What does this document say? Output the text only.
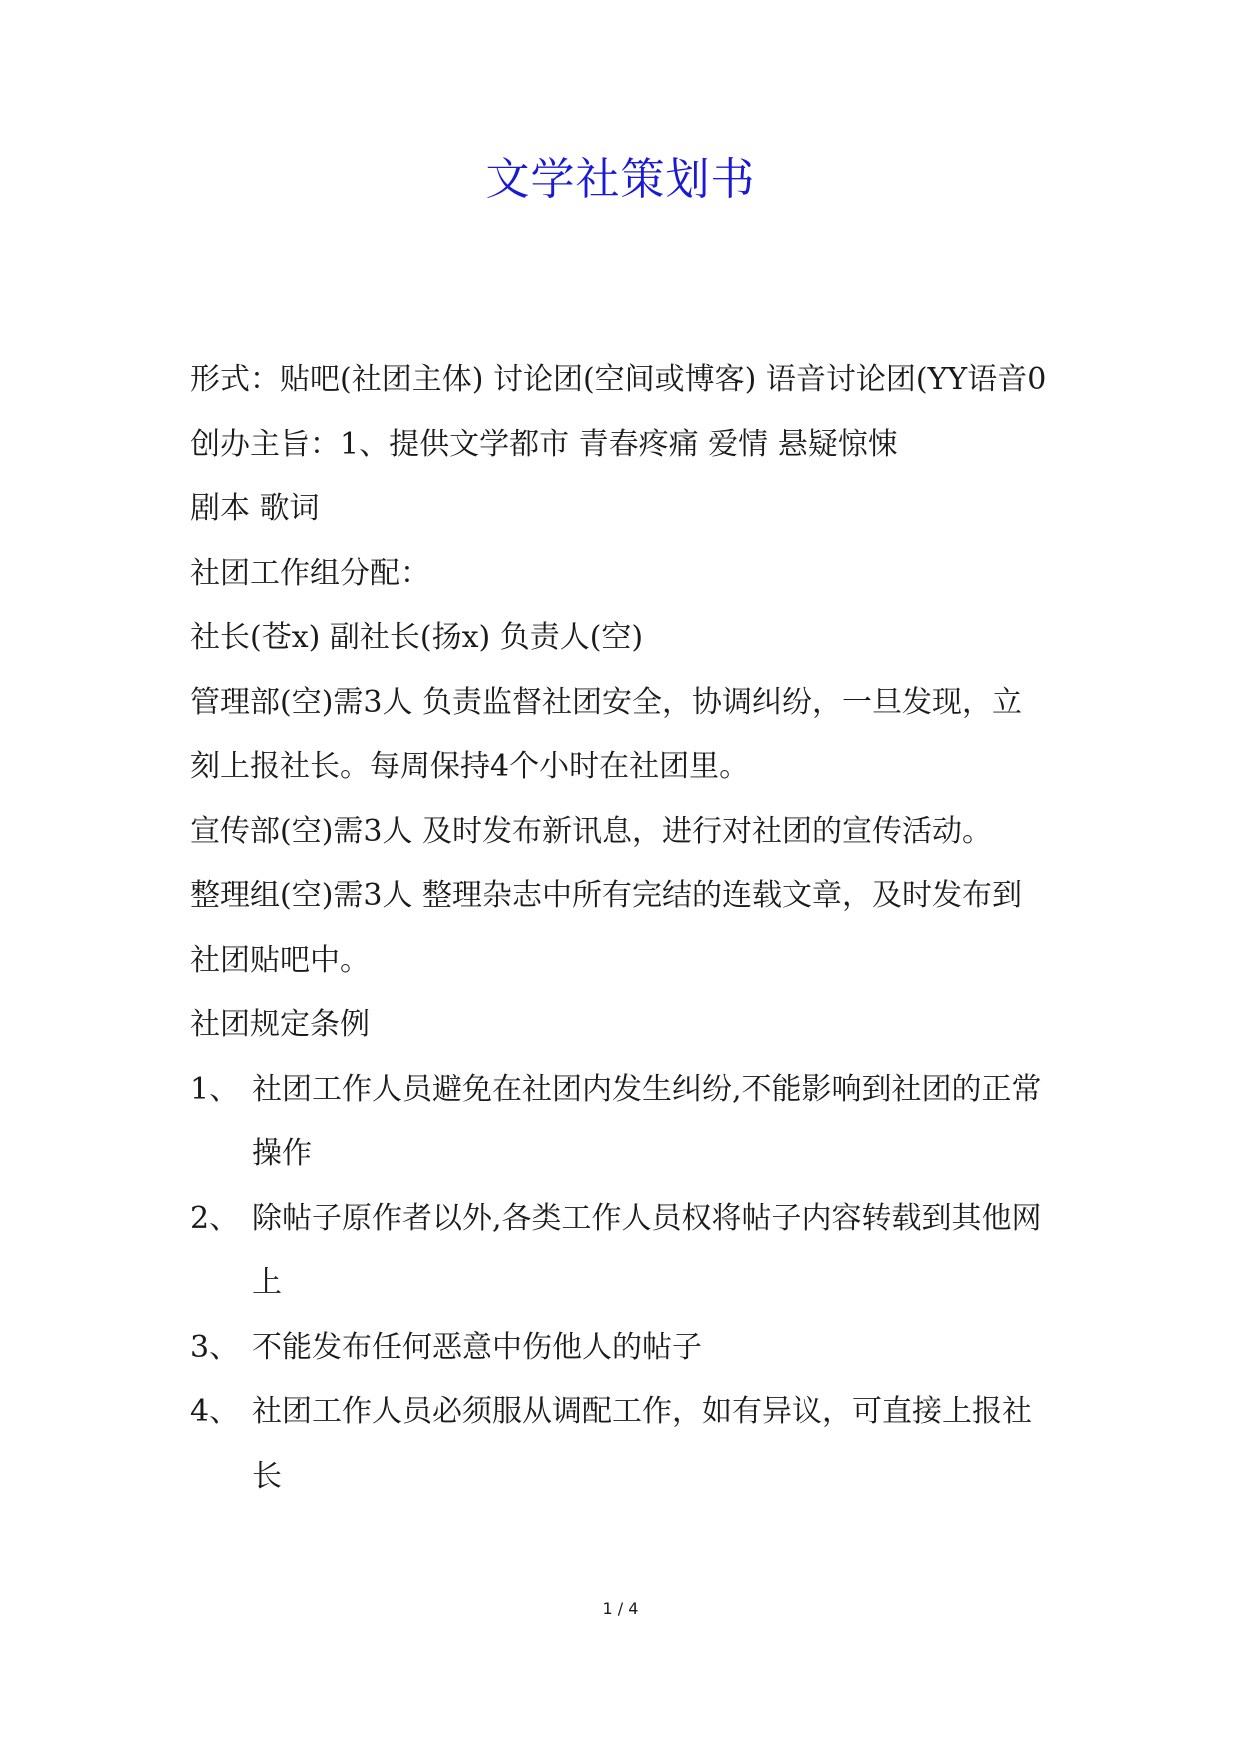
文学社策划书

形式：贴吧(社团主体) 讨论团(空间或博客) 语音讨论团(YY语音0

创办主旨：1、提供文学都市 青春疼痛 爱情 悬疑惊悚

剧本 歌词

社团工作组分配：

社长(苍x) 副社长(扬x) 负责人(空)

管理部(空)需3人 负责监督社团安全，协调纠纷，一旦发现，立刻上报社长。每周保持4个小时在社团里。

宣传部(空)需3人 及时发布新讯息，进行对社团的宣传活动。

整理组(空)需3人 整理杂志中所有完结的连载文章，及时发布到社团贴吧中。

社团规定条例

1、 社团工作人员避免在社团内发生纠纷,不能影响到社团的正常操作
2、 除帖子原作者以外,各类工作人员权将帖子内容转载到其他网上
3、 不能发布任何恶意中伤他人的帖子
4、 社团工作人员必须服从调配工作，如有异议，可直接上报社长
1 / 4
